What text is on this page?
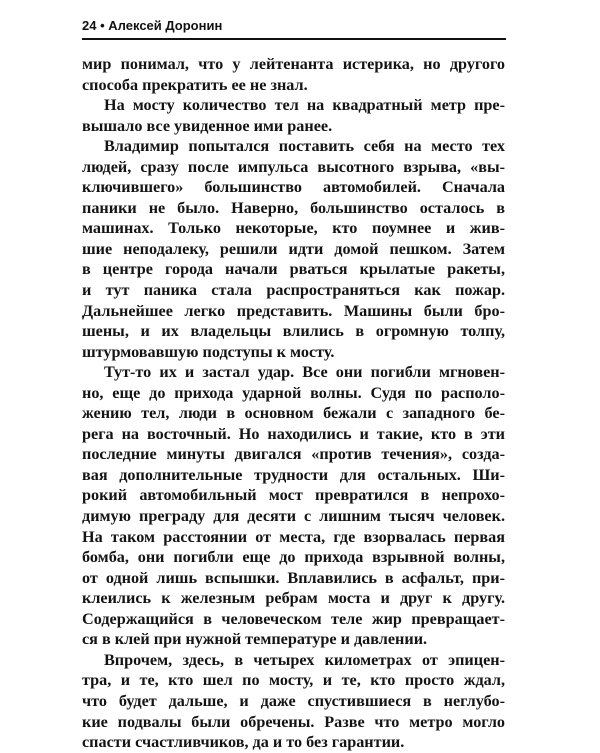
24 • Алексей Доронин
мир понимал, что у лейтенанта истерика, но другого
способа прекратить ее не знал.
На мосту количество тел на квадратный метр пре-
вышало все увиденное ими ранее.
Владимир попытался поставить себя на место тех
людей, сразу после импульса высотного взрыва, «вы-
ключившего» большинство автомобилей. Сначала
паники не было. Наверно, большинство осталось в
машинах. Только некоторые, кто поумнее и жив-
шие неподалеку, решили идти домой пешком. Затем
в центре города начали рваться крылатые ракеты,
и тут паника стала распространяться как пожар.
Дальнейшее легко представить. Машины были бро-
шены, и их владельцы влились в огромную толпу,
штурмовавшую подступы к мосту.
Тут-то их и застал удар. Все они погибли мгновен-
но, еще до прихода ударной волны. Судя по располо-
жению тел, люди в основном бежали с западного бе-
рега на восточный. Но находились и такие, кто в эти
последние минуты двигался «против течения», созда-
вая дополнительные трудности для остальных. Ши-
рокий автомобильный мост превратился в непрохо-
димую преграду для десяти с лишним тысяч человек.
На таком расстоянии от места, где взорвалась первая
бомба, они погибли еще до прихода взрывной волны,
от одной лишь вспышки. Вплавились в асфальт, при-
клеились к железным ребрам моста и друг к другу.
Содержащийся в человеческом теле жир превращает-
ся в клей при нужной температуре и давлении.
Впрочем, здесь, в четырех километрах от эпицен-
тра, и те, кто шел по мосту, и те, кто просто ждал,
что будет дальше, и даже спустившиеся в неглубо-
кие подвалы были обречены. Разве что метро могло
спасти счастливчиков, да и то без гарантии.
